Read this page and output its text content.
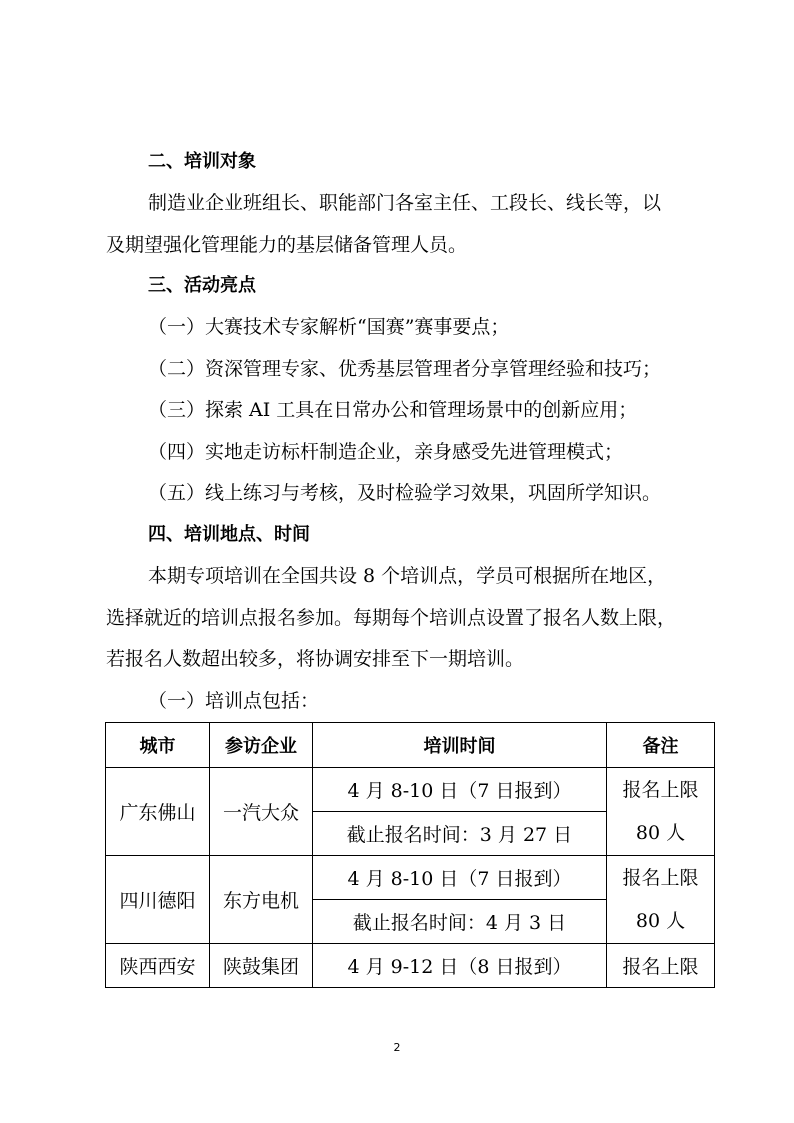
二、培训对象
制造业企业班组长、职能部门各室主任、工段长、线长等，以
及期望强化管理能力的基层储备管理人员。
三、活动亮点
（一）大赛技术专家解析“国赛”赛事要点；
（二）资深管理专家、优秀基层管理者分享管理经验和技巧；
（三）探索 AI 工具在日常办公和管理场景中的创新应用；
（四）实地走访标杆制造企业，亲身感受先进管理模式；
（五）线上练习与考核，及时检验学习效果，巩固所学知识。
四、培训地点、时间
本期专项培训在全国共设 8 个培训点，学员可根据所在地区，
选择就近的培训点报名参加。每期每个培训点设置了报名人数上限，
若报名人数超出较多，将协调安排至下一期培训。
（一）培训点包括：
城市	参访企业	培训时间	备注
广东佛山	一汽大众	4 月 8-10 日（7 日报到）	报名上限
80 人

		截止报名时间：3 月 27 日	
四川德阳	东方电机	4 月 8-10 日（7 日报到）	报名上限
80 人

		截止报名时间：4 月 3 日	
陕西西安	陕鼓集团	4 月 9-12 日（8 日报到）	报名上限
2
